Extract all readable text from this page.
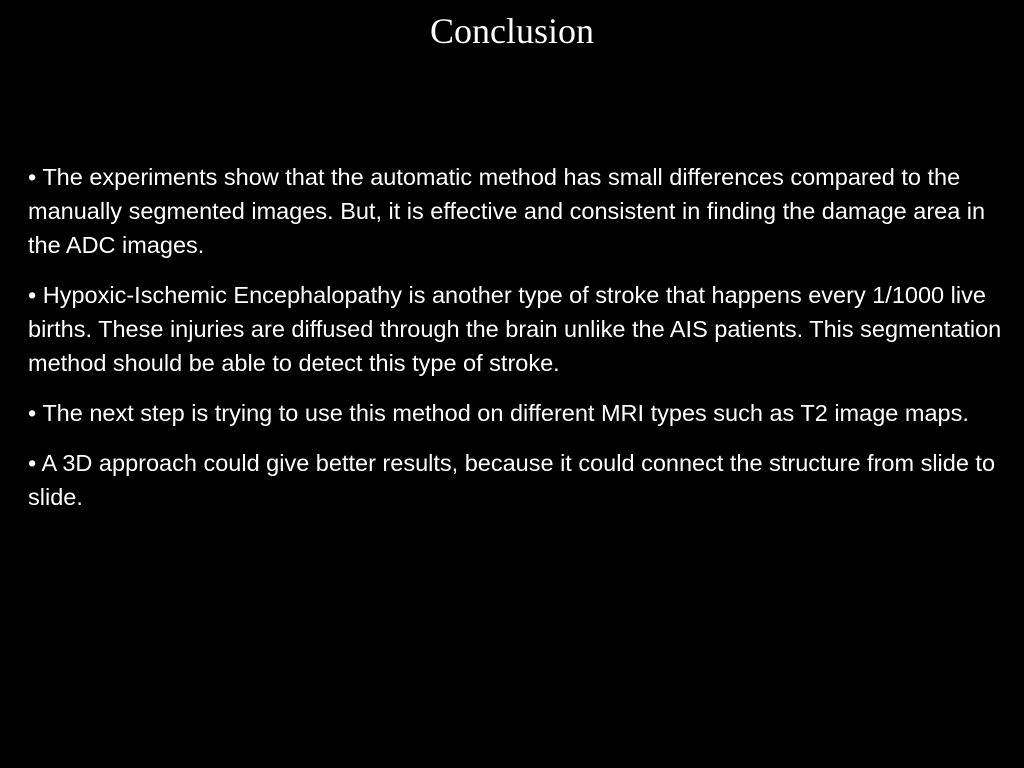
Conclusion
• The experiments show that the automatic method has small differences compared to the manually segmented images. But, it is effective and consistent in finding the damage area in the ADC images.
• Hypoxic-Ischemic Encephalopathy is another type of stroke that happens every 1/1000 live births. These injuries are diffused through the brain unlike the AIS patients. This segmentation method should be able to detect this type of stroke.
• The next step is trying to use this method on different MRI types such as T2 image maps.
• A 3D approach could give better results, because it could connect the structure from slide to slide.
